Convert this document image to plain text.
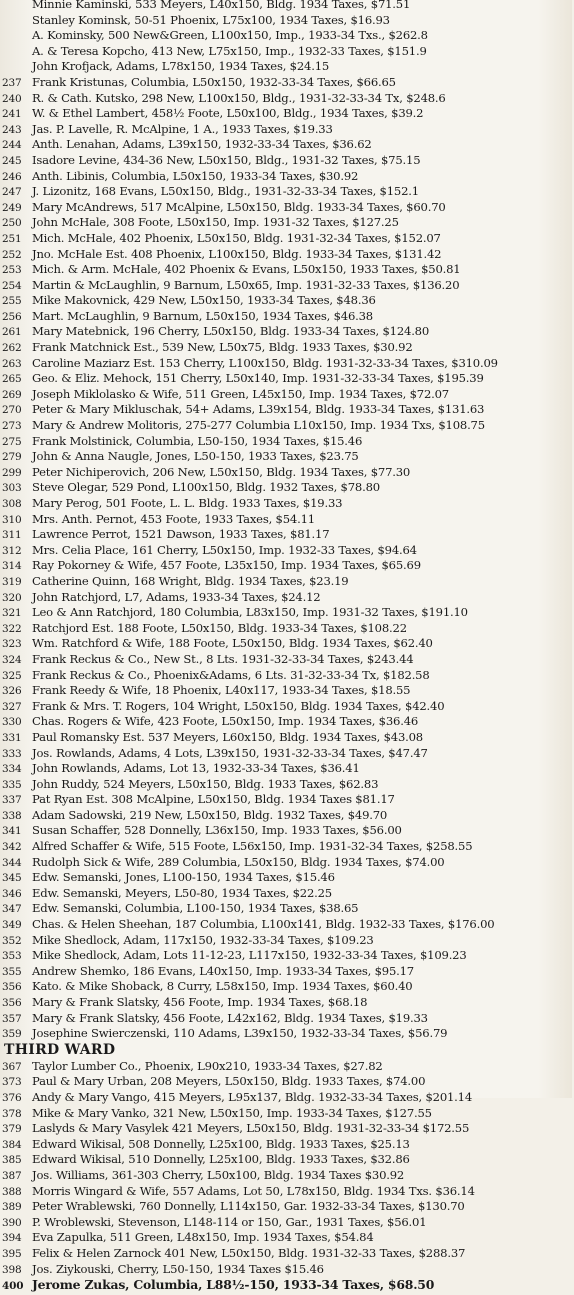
Minnie Kaminski, 533 Meyers, L40x150, Bldg. 1934 Taxes, $71.51
Stanley Kominsk, 50-51 Phoenix, L75x100, 1934 Taxes, $16.93
A. Kominsky, 500 New&Green, L100x150, Imp., 1933-34 Txs., $262.8
A. & Teresa Kopcho, 413 New, L75x150, Imp., 1932-33 Taxes, $151.9
John Krofjack, Adams, L78x150, 1934 Taxes, $24.15
237 Frank Kristunas, Columbia, L50x150, 1932-33-34 Taxes, $66.65
240 R. & Cath. Kutsko, 298 New, L100x150, Bldg., 1931-32-33-34 Tx, $248.6
241 W. & Ethel Lambert, 458½ Foote, L50x100, Bldg., 1934 Taxes, $39.2
243 Jas. P. Lavelle, R. McAlpine, 1 A., 1933 Taxes, $19.33
244 Anth. Lenahan, Adams, L39x150, 1932-33-34 Taxes, $36.62
245 Isadore Levine, 434-36 New, L50x150, Bldg., 1931-32 Taxes, $75.15
246 Anth. Libinis, Columbia, L50x150, 1933-34 Taxes, $30.92
247 J. Lizonitz, 168 Evans, L50x150, Bldg., 1931-32-33-34 Taxes, $152.1
249 Mary McAndrews, 517 McAlpine, L50x150, Bldg. 1933-34 Taxes, $60.70
250 John McHale, 308 Foote, L50x150, Imp. 1931-32 Taxes, $127.25
251 Mich. McHale, 402 Phoenix, L50x150, Bldg. 1931-32-34 Taxes, $152.07
252 Jno. McHale Est. 408 Phoenix, L100x150, Bldg. 1933-34 Taxes, $131.42
253 Mich. & Arm. McHale, 402 Phoenix & Evans, L50x150, 1933 Taxes, $50.81
254 Martin & McLaughlin, 9 Barnum, L50x65, Imp. 1931-32-33 Taxes, $136.20
255 Mike Makovnick, 429 New, L50x150, 1933-34 Taxes, $48.36
256 Mart. McLaughlin, 9 Barnum, L50x150, 1934 Taxes, $46.38
261 Mary Matebnick, 196 Cherry, L50x150, Bldg. 1933-34 Taxes, $124.80
262 Frank Matchnick Est., 539 New, L50x75, Bldg. 1933 Taxes, $30.92
263 Caroline Maziarz Est. 153 Cherry, L100x150, Bldg. 1931-32-33-34 Taxes, $310.09
265 Geo. & Eliz. Mehock, 151 Cherry, L50x140, Imp. 1931-32-33-34 Taxes, $195.39
269 Joseph Miklolasko & Wife, 511 Green, L45x150, Imp. 1934 Taxes, $72.07
270 Peter & Mary Mikluschak, 54+ Adams, L39x154, Bldg. 1933-34 Taxes, $131.63
273 Mary & Andrew Molitoris, 275-277 Columbia L10x150, Imp. 1934 Txs, $108.75
275 Frank Molstinick, Columbia, L50-150, 1934 Taxes, $15.46
279 John & Anna Naugle, Jones, L50-150, 1933 Taxes, $23.75
299 Peter Nichiperovich, 206 New, L50x150, Bldg. 1934 Taxes, $77.30
303 Steve Olegar, 529 Pond, L100x150, Bldg. 1932 Taxes, $78.80
308 Mary Perog, 501 Foote, L. L. Bldg. 1933 Taxes, $19.33
310 Mrs. Anth. Pernot, 453 Foote, 1933 Taxes, $54.11
311 Lawrence Perrot, 1521 Dawson, 1933 Taxes, $81.17
312 Mrs. Celia Place, 161 Cherry, L50x150, Imp. 1932-33 Taxes, $94.64
314 Ray Pokorney & Wife, 457 Foote, L35x150, Imp. 1934 Taxes, $65.69
319 Catherine Quinn, 168 Wright, Bldg. 1934 Taxes, $23.19
320 John Ratchjord, L7, Adams, 1933-34 Taxes, $24.12
321 Leo & Ann Ratchjord, 180 Columbia, L83x150, Imp. 1931-32 Taxes, $191.10
322 Ratchjord Est. 188 Foote, L50x150, Bldg. 1933-34 Taxes, $108.22
323 Wm. Ratchford & Wife, 188 Foote, L50x150, Bldg. 1934 Taxes, $62.40
324 Frank Reckus & Co., New St., 8 Lts. 1931-32-33-34 Taxes, $243.44
325 Frank Reckus & Co., Phoenix&Adams, 6 Lts. 31-32-33-34 Tx, $182.58
326 Frank Reedy & Wife, 18 Phoenix, L40x117, 1933-34 Taxes, $18.55
327 Frank & Mrs. T. Rogers, 104 Wright, L50x150, Bldg. 1934 Taxes, $42.40
330 Chas. Rogers & Wife, 423 Foote, L50x150, Imp. 1934 Taxes, $36.46
331 Paul Romansky Est. 537 Meyers, L60x150, Bldg. 1934 Taxes, $43.08
333 Jos. Rowlands, Adams, 4 Lots, L39x150, 1931-32-33-34 Taxes, $47.47
334 John Rowlands, Adams, Lot 13, 1932-33-34 Taxes, $36.41
335 John Ruddy, 524 Meyers, L50x150, Bldg. 1933 Taxes, $62.83
337 Pat Ryan Est. 308 McAlpine, L50x150, Bldg. 1934 Taxes $81.17
338 Adam Sadowski, 219 New, L50x150, Bldg. 1932 Taxes, $49.70
341 Susan Schaffer, 528 Donnelly, L36x150, Imp. 1933 Taxes, $56.00
342 Alfred Schaffer & Wife, 515 Foote, L56x150, Imp. 1931-32-34 Taxes, $258.55
344 Rudolph Sick & Wife, 289 Columbia, L50x150, Bldg. 1934 Taxes, $74.00
345 Edw. Semanski, Jones, L100-150, 1934 Taxes, $15.46
346 Edw. Semanski, Meyers, L50-80, 1934 Taxes, $22.25
347 Edw. Semanski, Columbia, L100-150, 1934 Taxes, $38.65
349 Chas. & Helen Sheehan, 187 Columbia, L100x141, Bldg. 1932-33 Taxes, $176.00
352 Mike Shedlock, Adam, 117x150, 1932-33-34 Taxes, $109.23
353 Mike Shedlock, Adam, Lots 11-12-23, L117x150, 1932-33-34 Taxes, $109.23
355 Andrew Shemko, 186 Evans, L40x150, Imp. 1933-34 Taxes, $95.17
356 Kato. & Mike Shoback, 8 Curry, L58x150, Imp. 1934 Taxes, $60.40
356 Mary & Frank Slatsky, 456 Foote, Imp. 1934 Taxes, $68.18
357 Mary & Frank Slatsky, 456 Foote, L42x162, Bldg. 1934 Taxes, $19.33
359 Josephine Swierczenski, 110 Adams, L39x150, 1932-33-34 Taxes, $56.79
THIRD WARD
367 Taylor Lumber Co., Phoenix, L90x210, 1933-34 Taxes, $27.82
373 Paul & Mary Urban, 208 Meyers, L50x150, Bldg. 1933 Taxes, $74.00
376 Andy & Mary Vango, 415 Meyers, L95x137, Bldg. 1932-33-34 Taxes, $201.14
378 Mike & Mary Vanko, 321 New, L50x150, Imp. 1933-34 Taxes, $127.55
379 Laslyds & Mary Vasylek 421 Meyers, L50x150, Bldg. 1931-32-33-34 $172.55
384 Edward Wikisal, 508 Donnelly, L25x100, Bldg. 1933 Taxes, $25.13
385 Edward Wikisal, 510 Donnelly, L25x100, Bldg. 1933 Taxes, $32.86
387 Jos. Williams, 361-303 Cherry, L50x100, Bldg. 1934 Taxes $30.92
388 Morris Wingard & Wife, 557 Adams, Lot 50, L78x150, Bldg. 1934 Txs. $36.14
389 Peter Wrablewski, 760 Donnelly, L114x150, Gar. 1932-33-34 Taxes, $130.70
390 P. Wroblewski, Stevenson, L148-114 or 150, Gar., 1931 Taxes, $56.01
394 Eva Zapulka, 511 Green, L48x150, Imp. 1934 Taxes, $54.84
395 Felix & Helen Zarnock 401 New, L50x150, Bldg. 1931-32-33 Taxes, $288.37
398 Jos. Ziykouski, Cherry, L50-150, 1934 Taxes $15.46
400 Jerome Zukas, Columbia, L88½-150, 1933-34 Taxes, $68.50
